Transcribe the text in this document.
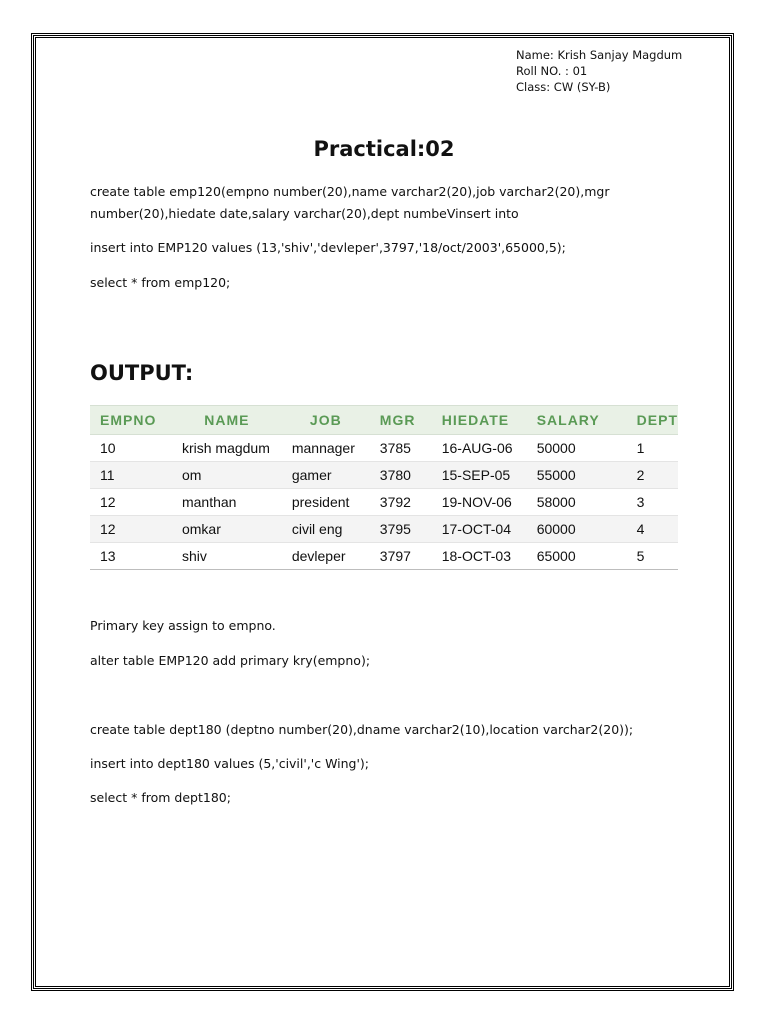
Name: Krish Sanjay Magdum
Roll NO. : 01
Class: CW (SY-B)
Practical:02
create table emp120(empno number(20),name varchar2(20),job varchar2(20),mgr
number(20),hiedate date,salary varchar(20),dept numbeVinsert into
insert into EMP120 values (13,'shiv','devleper',3797,'18/oct/2003',65000,5);
select * from emp120;
OUTPUT:
EMPNO	NAME	JOB	MGR	HIEDATE	SALARY	DEPT
10	krish magdum	mannager	3785	16-AUG-06	50000	1
11	om	gamer	3780	15-SEP-05	55000	2
12	manthan	president	3792	19-NOV-06	58000	3
12	omkar	civil eng	3795	17-OCT-04	60000	4
13	shiv	devleper	3797	18-OCT-03	65000	5
Primary key assign to empno.
alter table EMP120 add primary kry(empno);
create table dept180 (deptno number(20),dname varchar2(10),location varchar2(20));
insert into dept180 values (5,'civil','c Wing');
select * from dept180;
